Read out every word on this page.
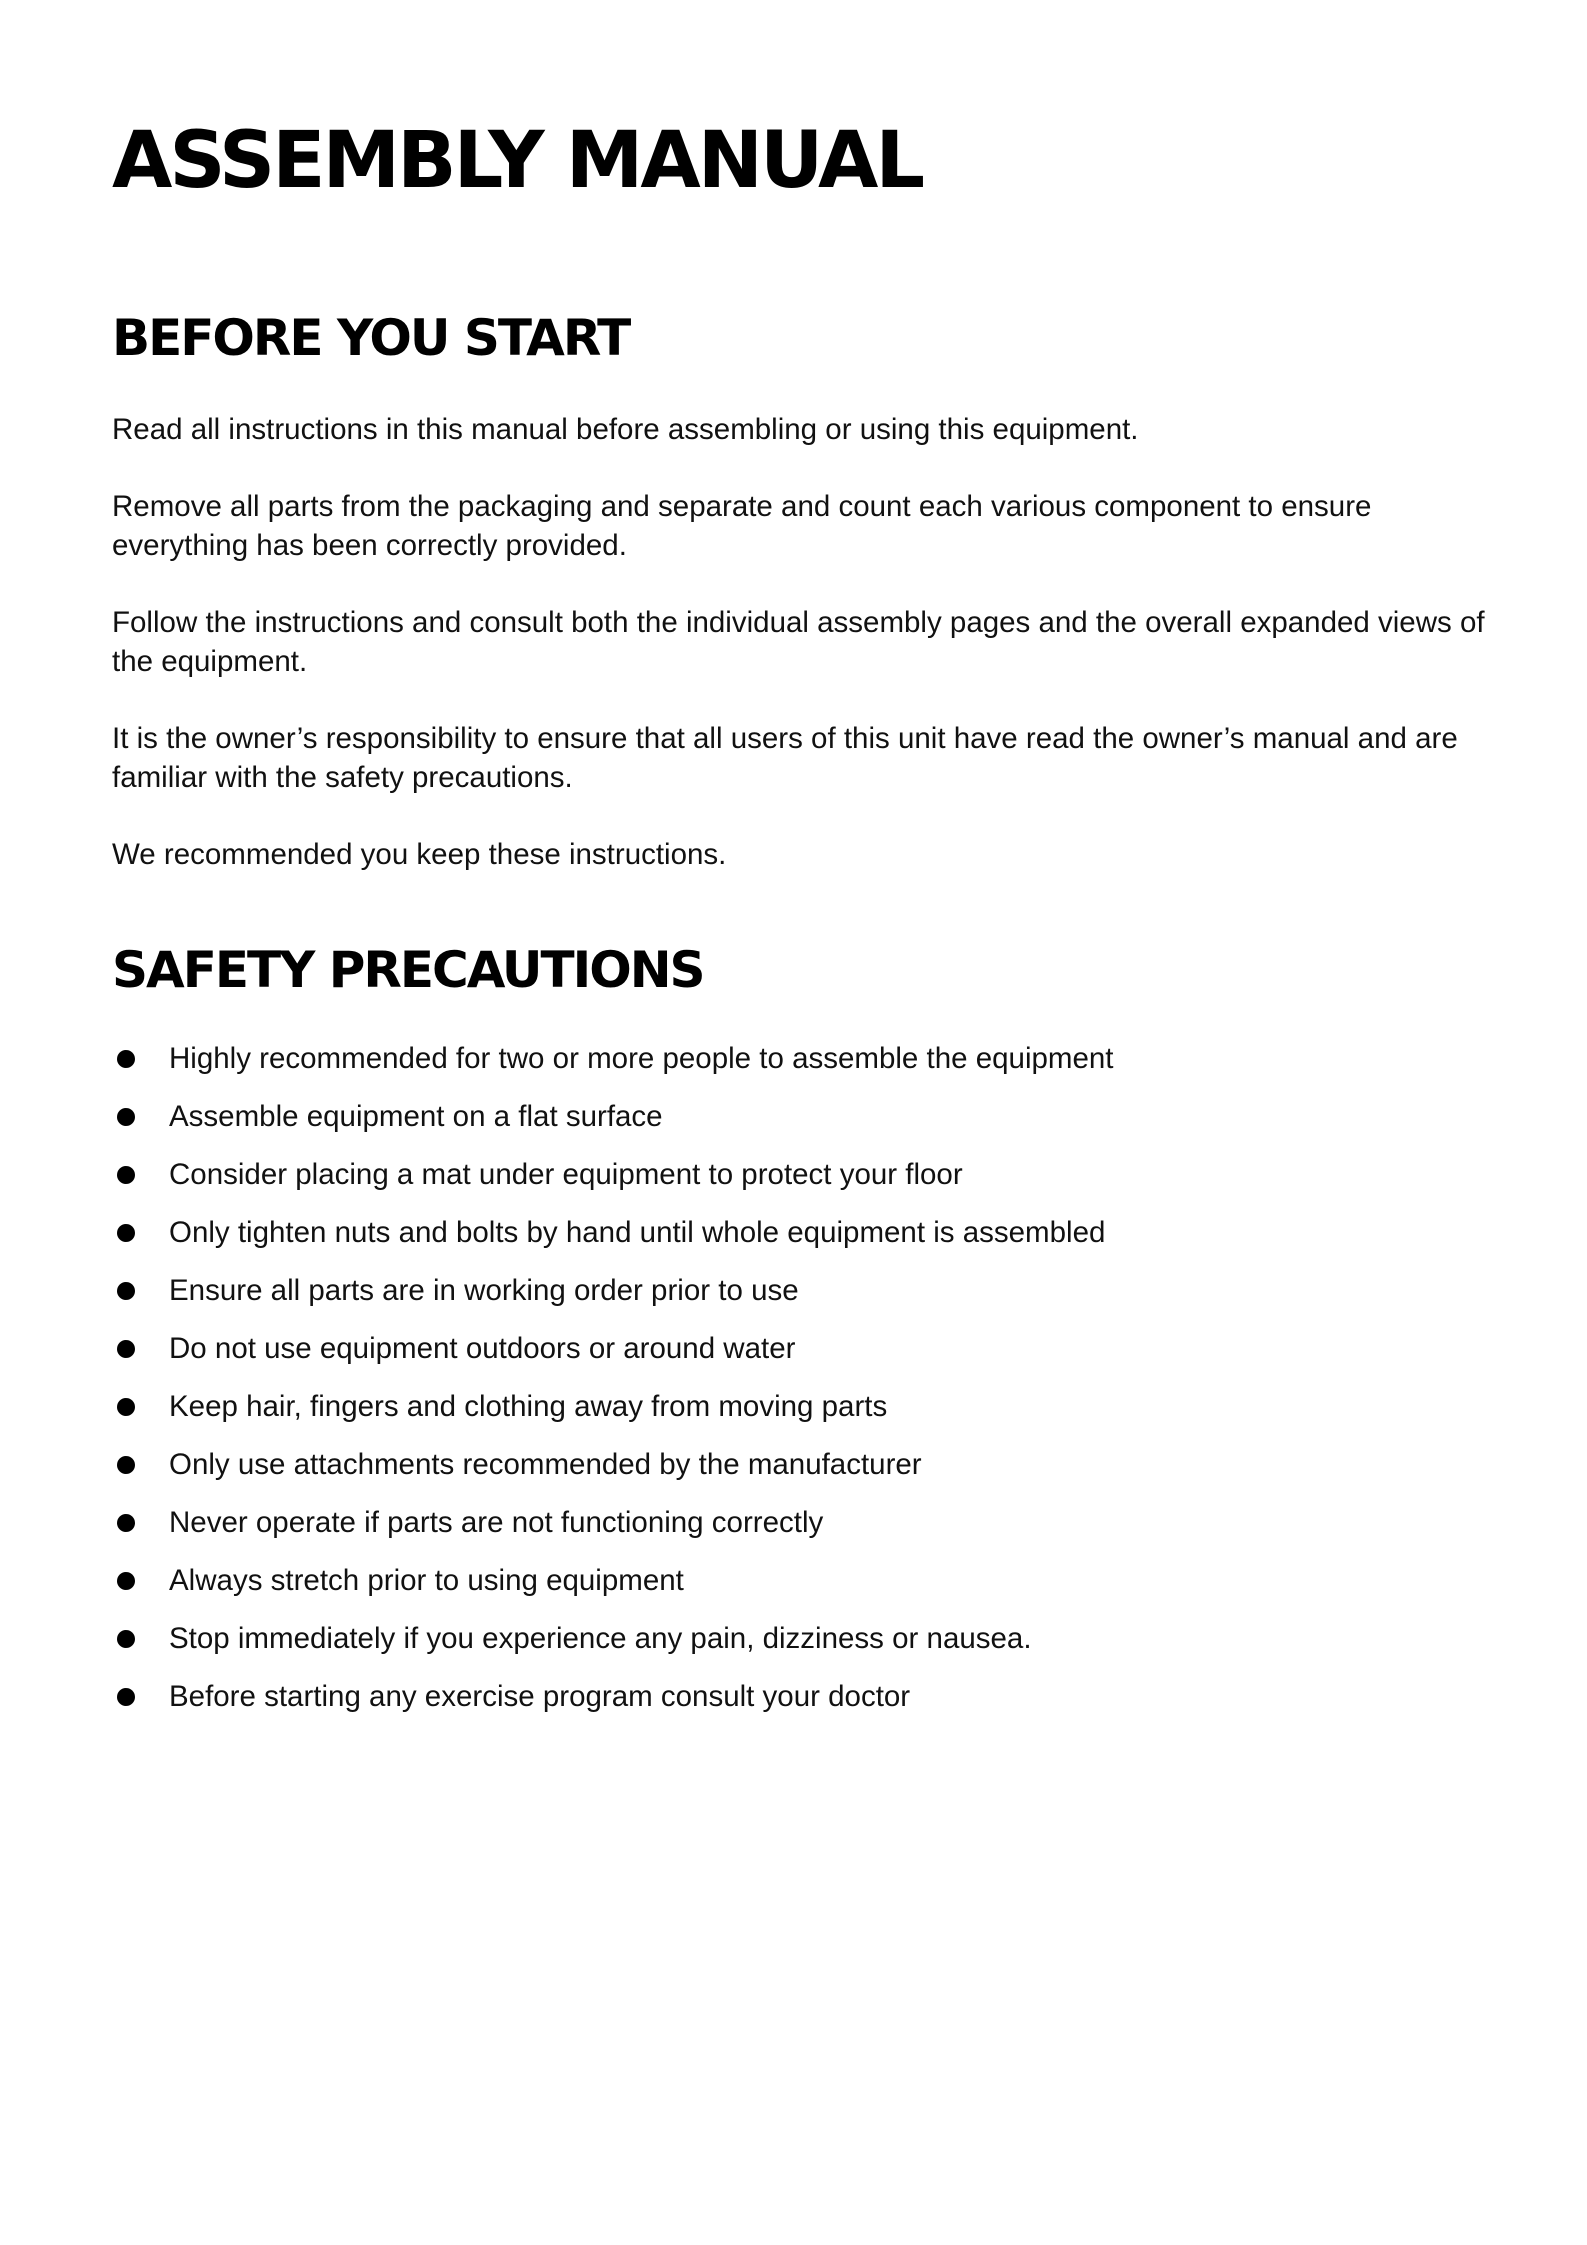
ASSEMBLY MANUAL
BEFORE YOU START

Read all instructions in this manual before assembling or using this equipment.

Remove all parts from the packaging and separate and count each various component to ensure everything has been correctly provided.

Follow the instructions and consult both the individual assembly pages and the overall expanded views of the equipment.

It is the owner’s responsibility to ensure that all users of this unit have read the owner’s manual and are familiar with the safety precautions.

We recommended you keep these instructions.

SAFETY PRECAUTIONS
Highly recommended for two or more people to assemble the equipment
Assemble equipment on a flat surface
Consider placing a mat under equipment to protect your floor
Only tighten nuts and bolts by hand until whole equipment is assembled
Ensure all parts are in working order prior to use
Do not use equipment outdoors or around water
Keep hair, fingers and clothing away from moving parts
Only use attachments recommended by the manufacturer
Never operate if parts are not functioning correctly
Always stretch prior to using equipment
Stop immediately if you experience any pain, dizziness or nausea.
Before starting any exercise program consult your doctor
